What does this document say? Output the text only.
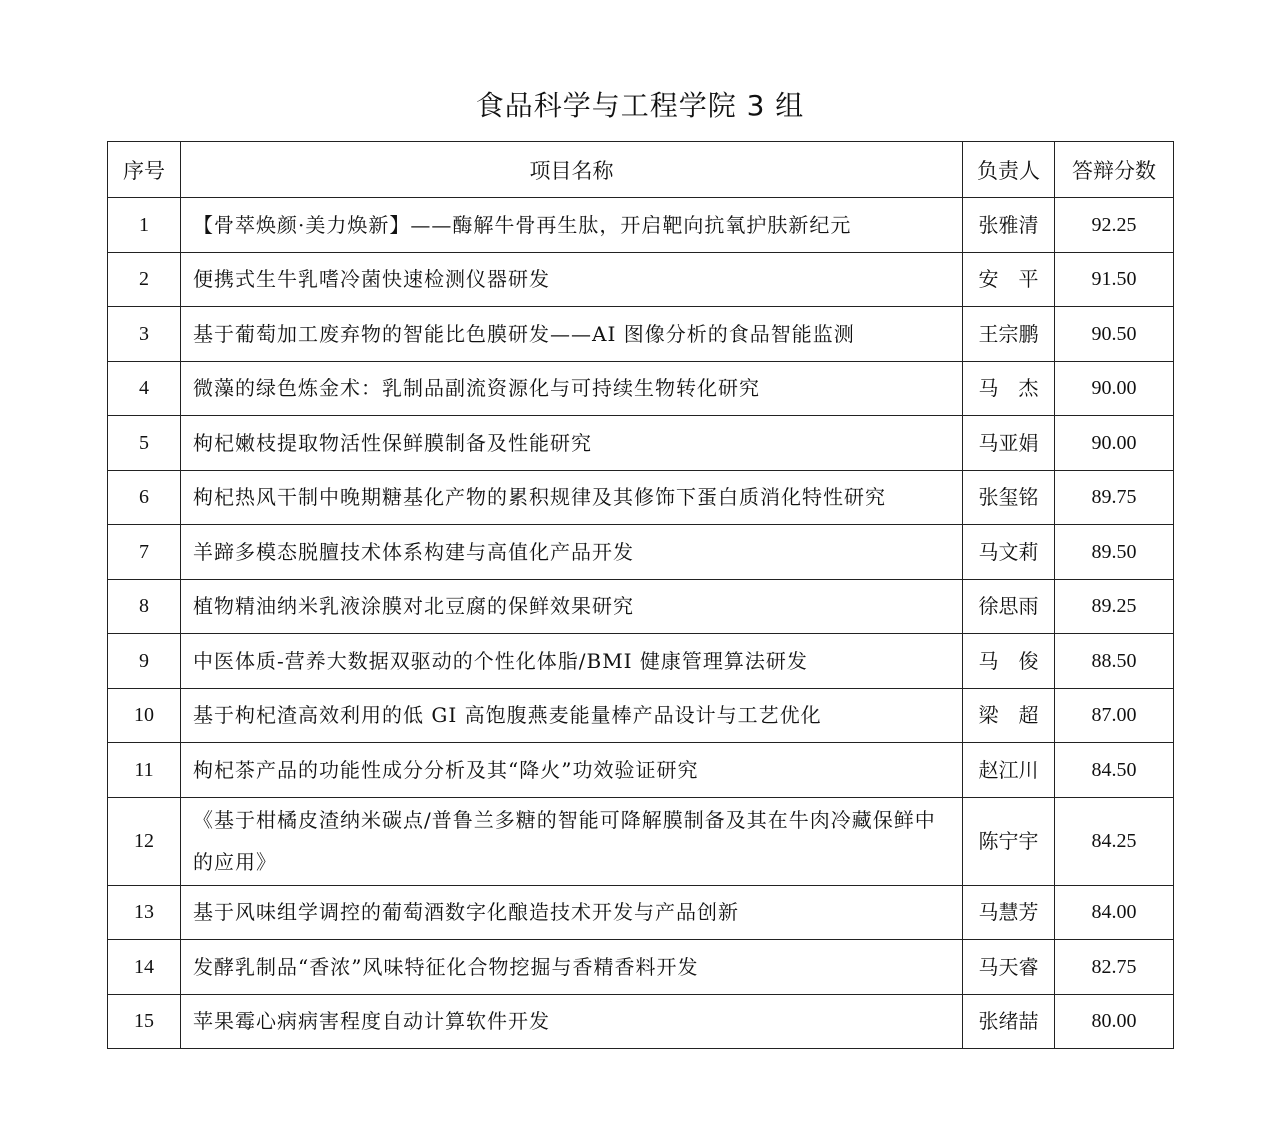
食品科学与工程学院 3 组
序号	项目名称	负责人	答辩分数
1	【骨萃焕颜·美力焕新】——酶解牛骨再生肽，开启靶向抗氧护肤新纪元	张雅清	92.25
2	便携式生牛乳嗜冷菌快速检测仪器研发	安　平	91.50
3	基于葡萄加工废弃物的智能比色膜研发——AI 图像分析的食品智能监测	王宗鹏	90.50
4	微藻的绿色炼金术：乳制品副流资源化与可持续生物转化研究	马　杰	90.00
5	枸杞嫩枝提取物活性保鲜膜制备及性能研究	马亚娟	90.00
6	枸杞热风干制中晚期糖基化产物的累积规律及其修饰下蛋白质消化特性研究	张玺铭	89.75
7	羊蹄多模态脱膻技术体系构建与高值化产品开发	马文莉	89.50
8	植物精油纳米乳液涂膜对北豆腐的保鲜效果研究	徐思雨	89.25
9	中医体质-营养大数据双驱动的个性化体脂/BMI 健康管理算法研发	马　俊	88.50
10	基于枸杞渣高效利用的低 GI 高饱腹燕麦能量棒产品设计与工艺优化	梁　超	87.00
11	枸杞茶产品的功能性成分分析及其“降火”功效验证研究	赵江川	84.50
12	《基于柑橘皮渣纳米碳点/普鲁兰多糖的智能可降解膜制备及其在牛肉冷藏保鲜中的应用》	陈宁宇	84.25
13	基于风味组学调控的葡萄酒数字化酿造技术开发与产品创新	马慧芳	84.00
14	发酵乳制品“香浓”风味特征化合物挖掘与香精香料开发	马天睿	82.75
15	苹果霉心病病害程度自动计算软件开发	张绪喆	80.00
